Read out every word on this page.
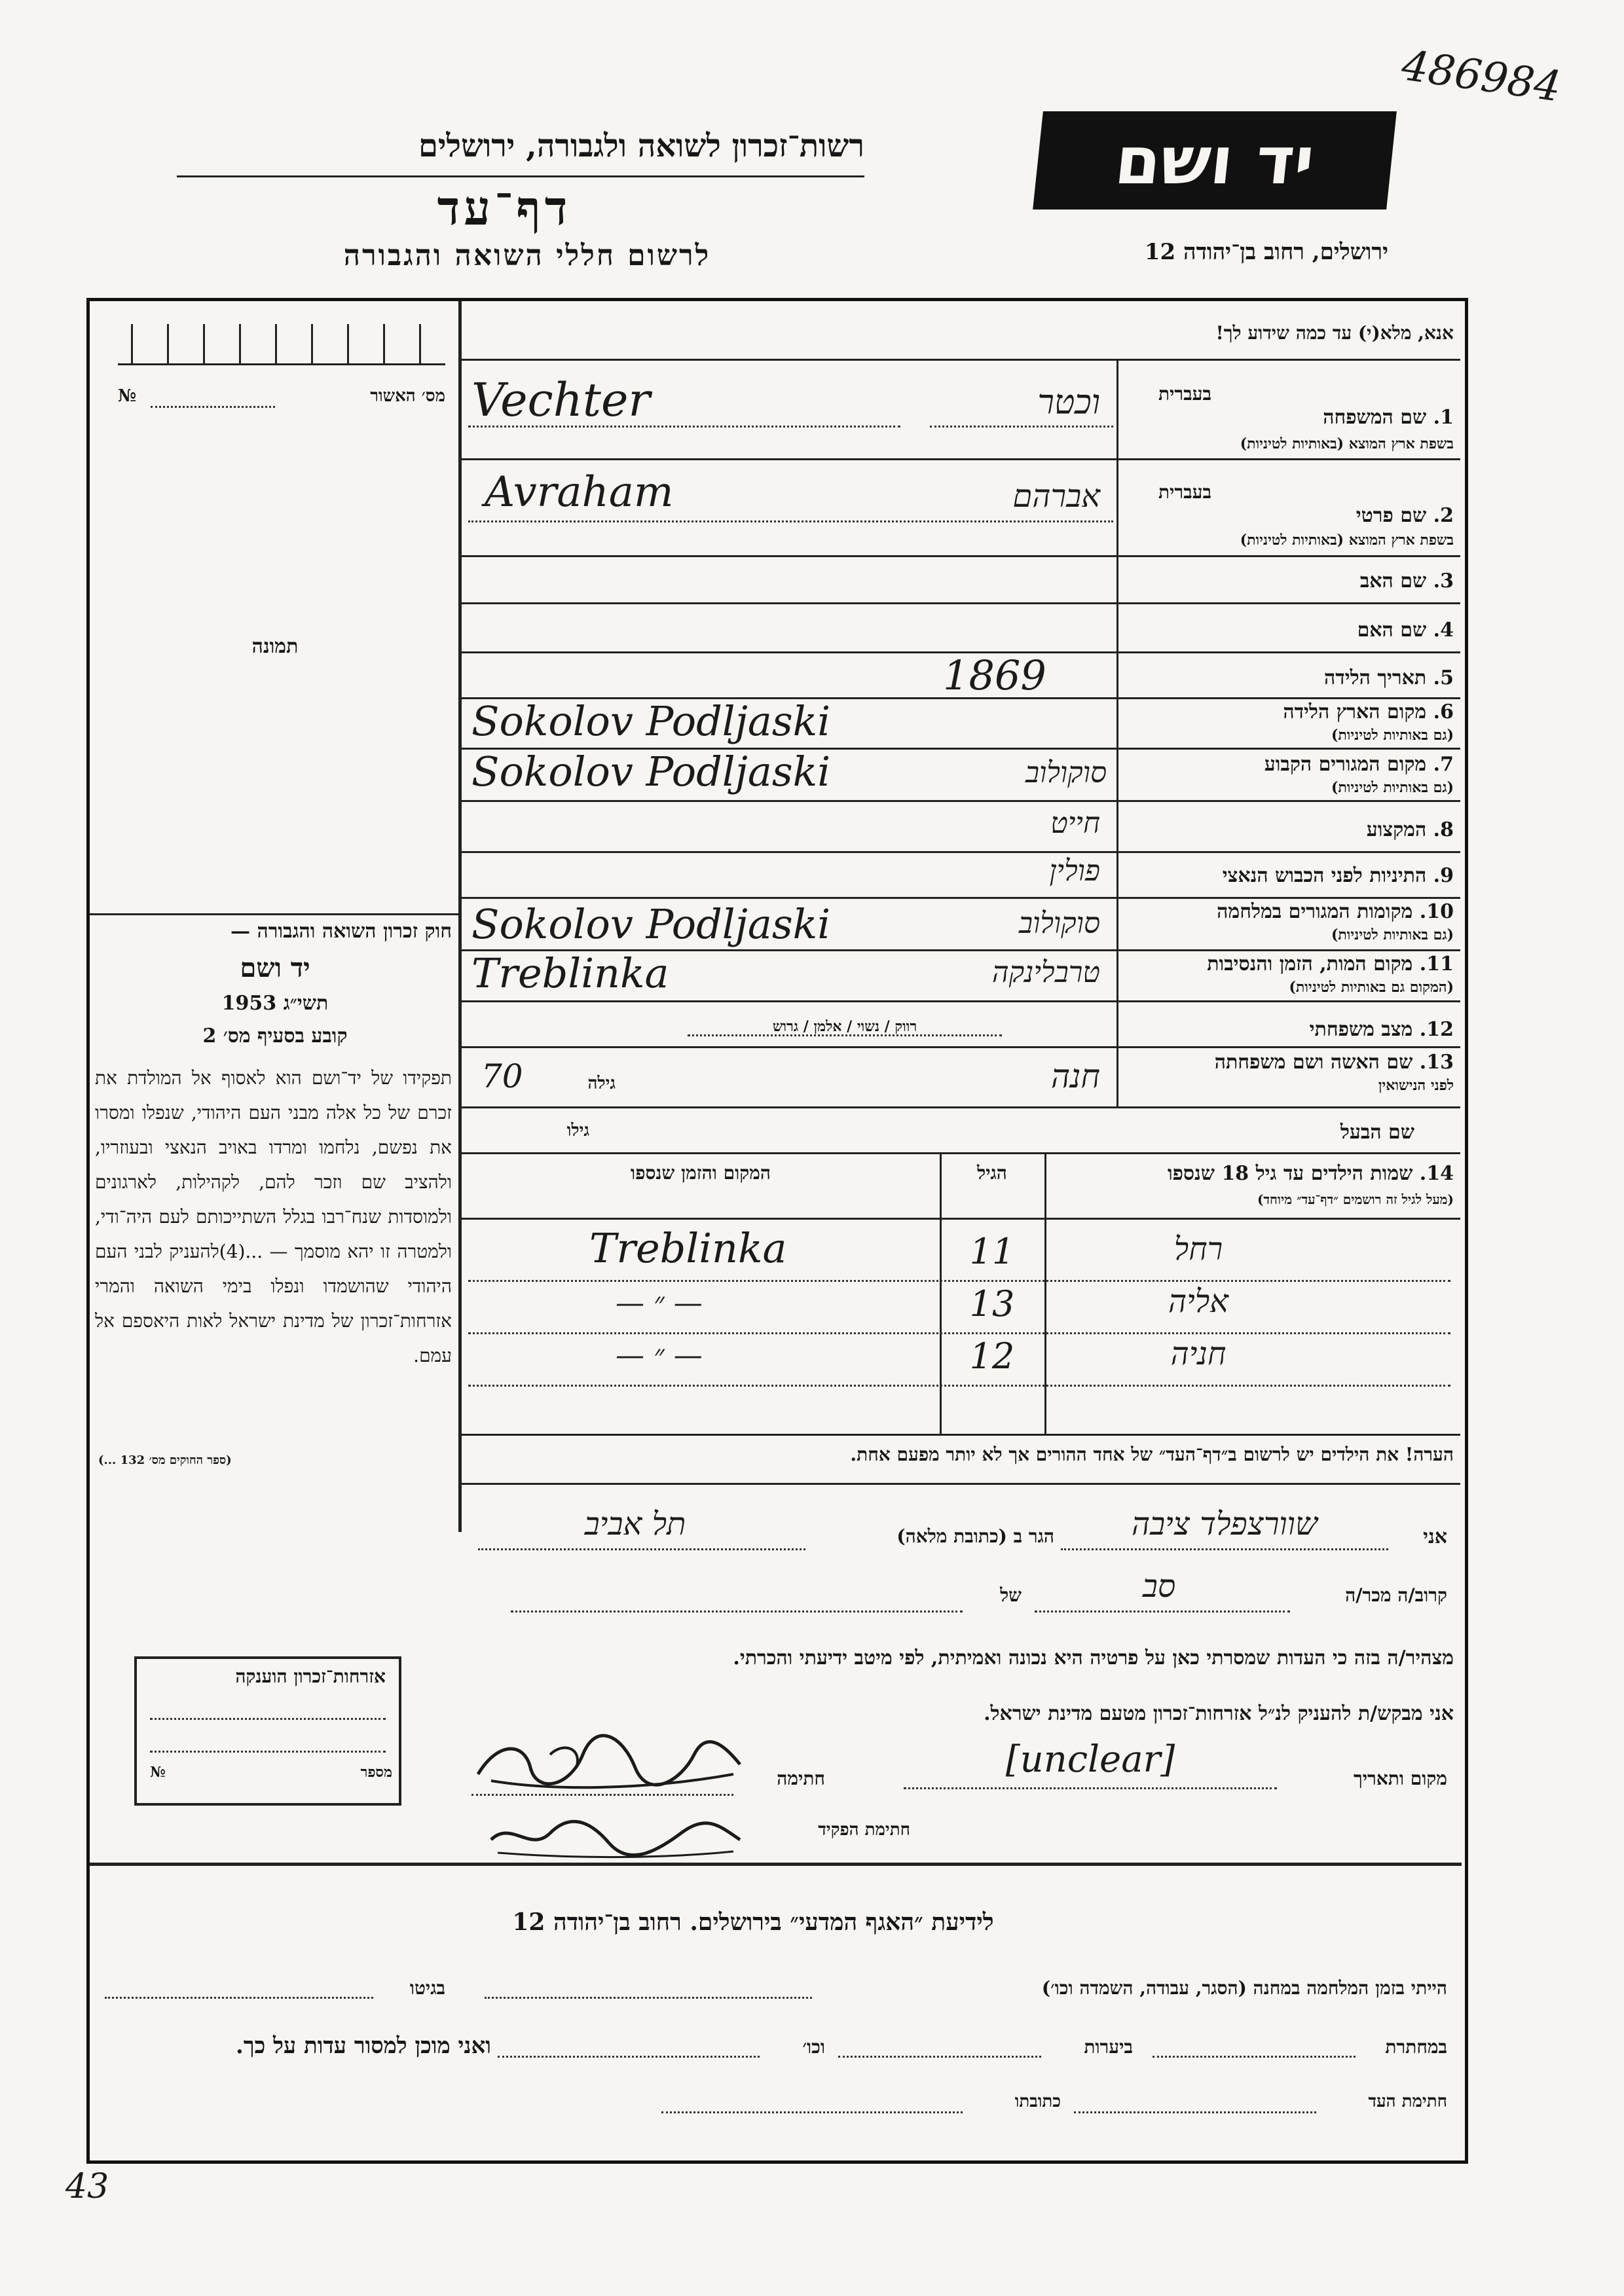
486984
רשות־זכרון לשואה ולגבורה, ירושלים
דף־עד
לרשום חללי השואה והגבורה
יד ושם
ירושלים, רחוב בן־יהודה 12
מס׳ האשור
№
תמונה
חוק זכרון השואה והגבורה —
יד ושם
תשי״ג 1953
קובע בסעיף מס׳ 2
תפקידו של יד־ושם הוא לאסוף אל המולדת את זכרם של כל אלה מבני העם היהודי, שנפלו ומסרו את נפשם, נלחמו ומרדו באויב הנאצי ובעוזריו, ולהציב שם וזכר להם, לקהילות, לארגונים ולמוסדות שנח־רבו בגלל השתייכותם לעם היה־ודי, ולמטרה זו יהא מוסמך — ...(4)להעניק לבני העם היהודי שהושמדו ונפלו בימי השואה והמרי אזרחות־זכרון של מדינת ישראל לאות היאספם אל עמם.
(ספר החוקים מס׳ 132 ...)
אזרחות־זכרון הוענקה
מספר
№
אנא, מלא(י) עד כמה שידוע לך!
בעברית
1. שם המשפחה
בשפת ארץ המוצא (באותיות לטיניות)
וכטר
Vechter
בעברית
2. שם פרטי
בשפת ארץ המוצא (באותיות לטיניות)
אברהם
Avraham
3. שם האב
4. שם האם
5. תאריך הלידה
1869
6. מקום הארץ הלידה
(גם באותיות לטיניות)
Sokolov Podljaski
7. מקום המגורים הקבוע
(גם באותיות לטיניות)
סוקולוב
Sokolov Podljaski
8. המקצוע
חייט
9. התיניות לפני הכבוש הנאצי
פולין
10. מקומות המגורים במלחמה
(גם באותיות לטיניות)
סוקולוב
Sokolov Podljaski
11. מקום המות, הזמן והנסיבות
(המקום גם באותיות לטיניות)
טרבלינקה
Treblinka
12. מצב משפחתי
רווק / נשוי / אלמן / גרוש
13. שם האשה ושם משפחתה
לפני הנישואין
חנה
גילה
70
שם הבעל
גילו
14. שמות הילדים עד גיל 18 שנספו
(מעל לגיל זה רושמים ״דף־עד״ מיוחד)
הגיל
המקום והזמן שנספו
רחל
11
Treblinka
אליה
13
— ״ —
חניה
12
— ״ —
הערה! את הילדים יש לרשום ב״דף־העד״ של אחד ההורים אך לא יותר מפעם אחת.
אני
שוורצפלד ציבה
הגר ב (כתובת מלאה)
תל אביב
קרוב/ה מכר/ה
סב
של
מצהיר/ה בזה כי העדות שמסרתי כאן על פרטיה היא נכונה ואמיתית, לפי מיטב ידיעתי והכרתי.
אני מבקש/ת להעניק לנ״ל אזרחות־זכרון מטעם מדינת ישראל.
מקום ותאריך
[unclear]
חתימה
חתימת הפקיד
לידיעת ״האגף המדעי״ בירושלים. רחוב בן־יהודה 12
הייתי בזמן המלחמה במחנה (הסגר, עבודה, השמדה וכו׳)
בגיטו
במחתרת
ביערות
וכו׳
ואני מוכן למסור עדות על כך.
חתימת העד
כתובתו
43
